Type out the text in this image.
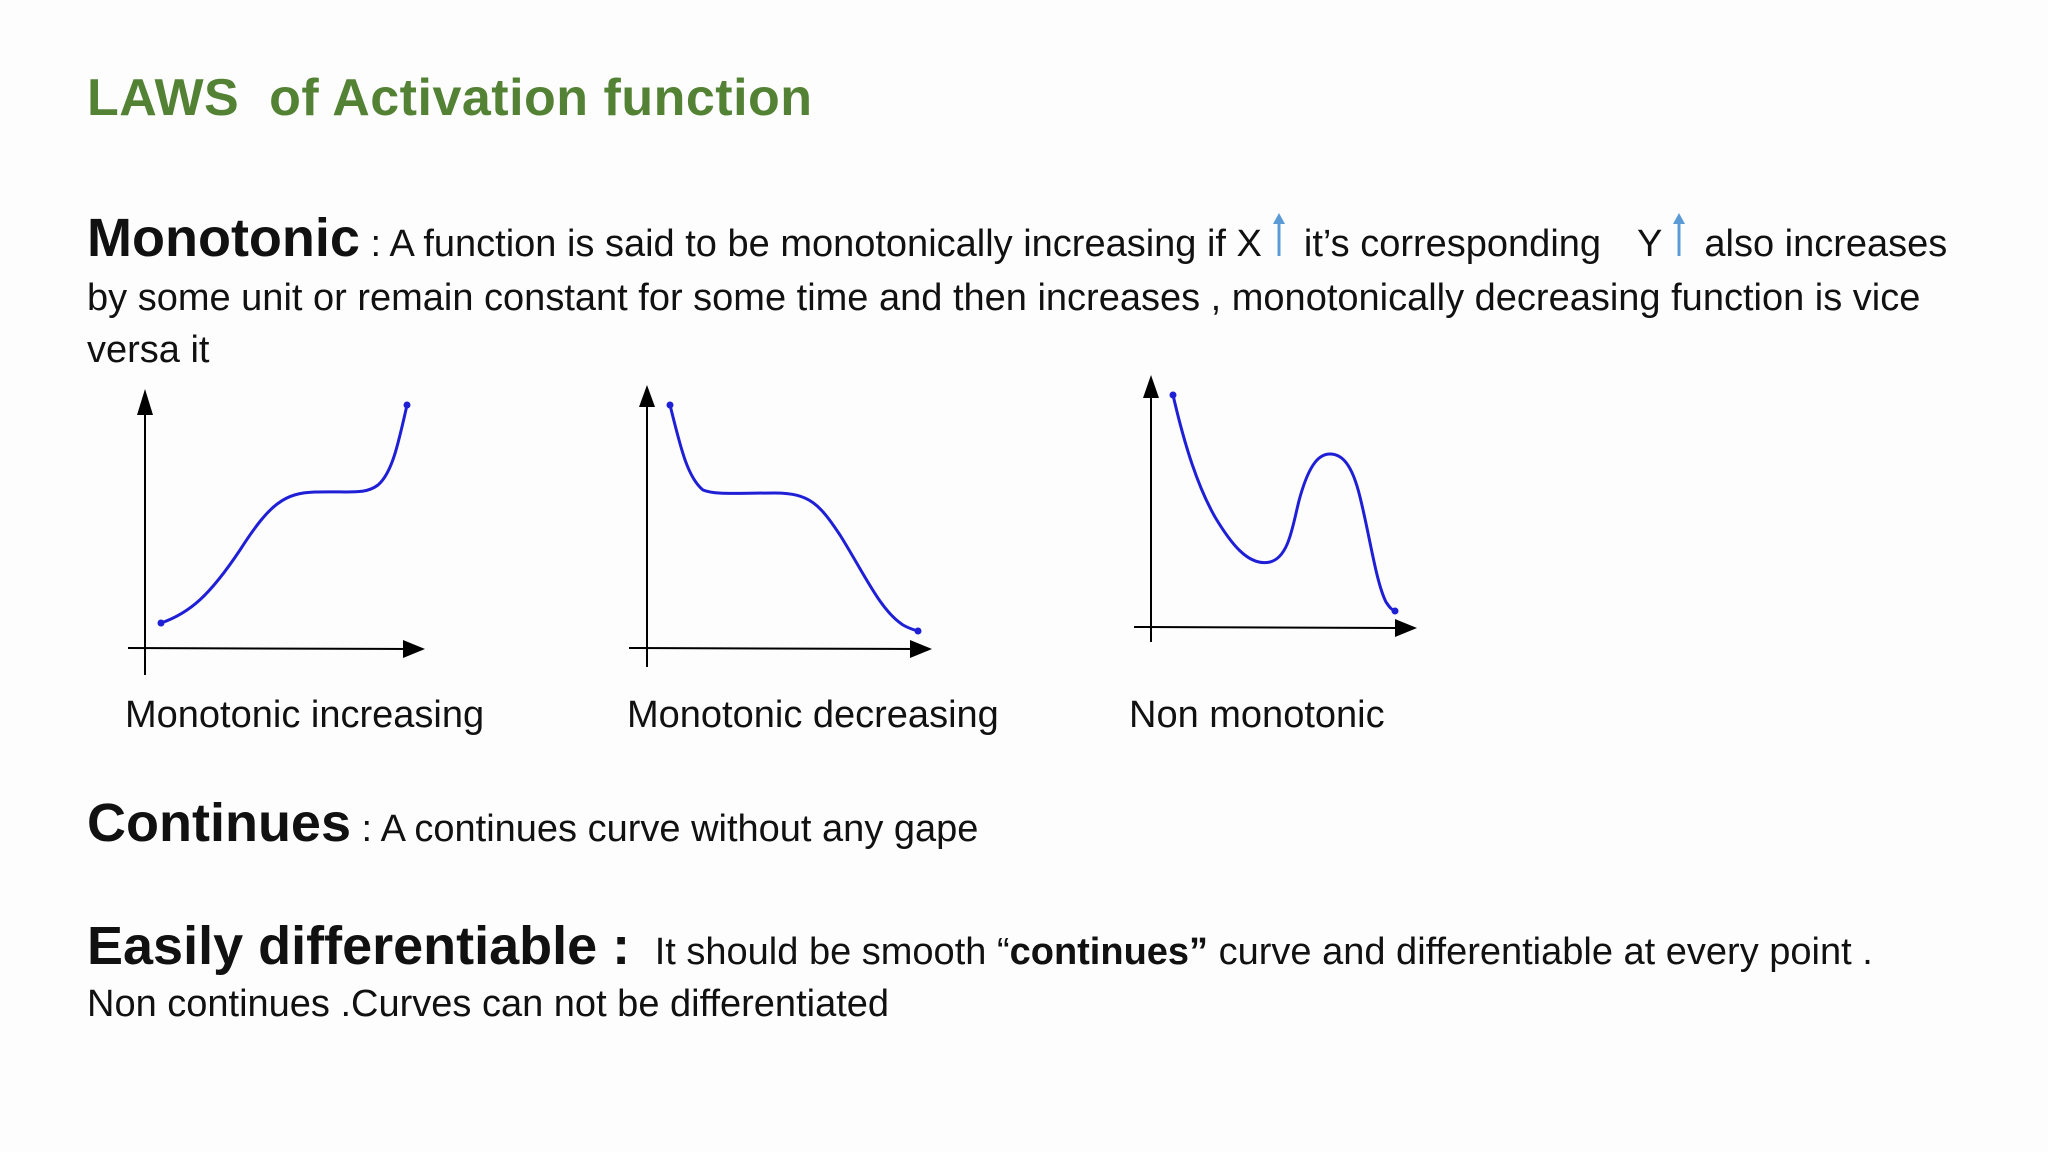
LAWS  of Activation function
Monotonic : A function is said to be monotonically increasing if X it’s corresponding Y also increases by some unit or remain constant for some time and then increases , monotonically decreasing function is vice versa it
Monotonic increasing	Monotonic decreasing	Non monotonic
Continues : A continues curve without any gape
Easily differentiable : It should be smooth “continues” curve and differentiable at every point .
Non continues .Curves can not be differentiated
